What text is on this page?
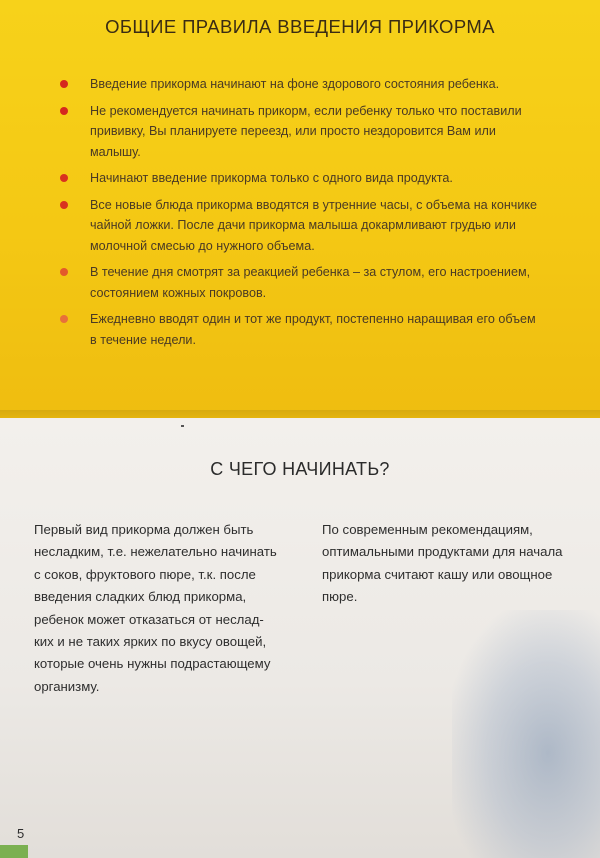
ОБЩИЕ ПРАВИЛА ВВЕДЕНИЯ ПРИКОРМА
Введение прикорма начинают на фоне здорового состояния ребенка.
Не рекомендуется начинать прикорм, если ребенку только что поставили
прививку, Вы планируете переезд, или просто нездоровится Вам или
малышу.
Начинают введение прикорма только с одного вида продукта.
Все новые блюда прикорма вводятся в утренние часы, с объема на кончике
чайной ложки. После дачи прикорма малыша докармливают грудью или
молочной смесью до нужного объема.
В течение дня смотрят за реакцией ребенка – за стулом, его настроением,
состоянием кожных покровов.
Ежедневно вводят один и тот же продукт, постепенно наращивая его объем
в течение недели.
С ЧЕГО НАЧИНАТЬ?
Первый вид прикорма должен быть
несладким, т.е. нежелательно начинать
с соков, фруктового пюре, т.к. после
введения сладких блюд прикорма,
ребенок может отказаться от неслад-
ких и не таких ярких по вкусу овощей,
которые очень нужны подрастающему
организму.
По современным рекомендациям,
оптимальными продуктами для начала
прикорма считают кашу или овощное
пюре.
5
